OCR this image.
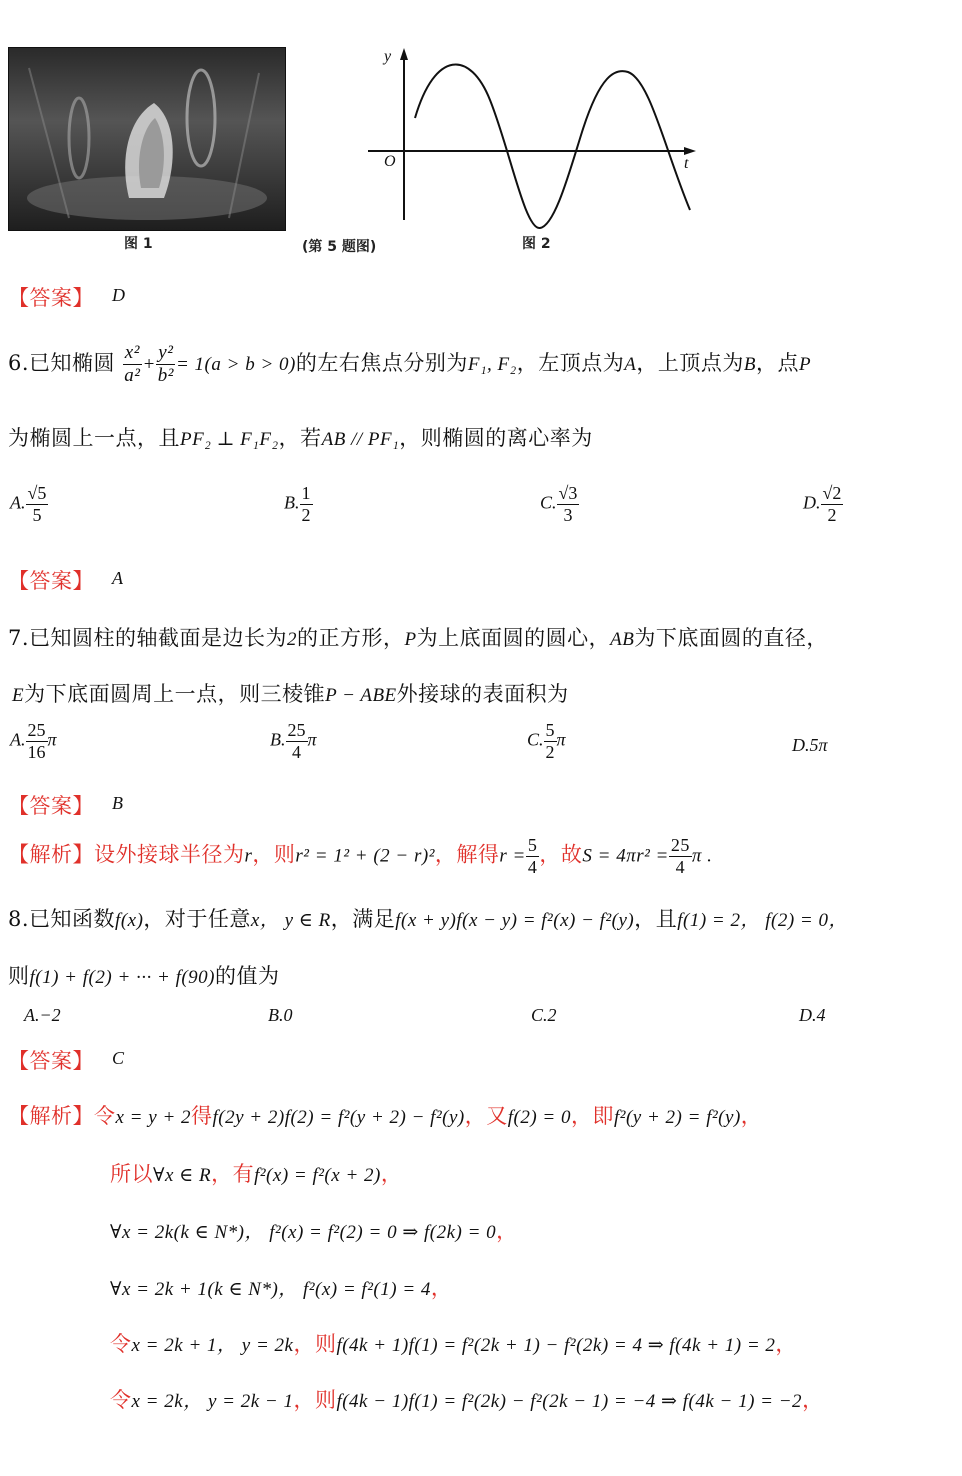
图 1
y
t
O
(第 5 题图)	图 2
【答案】 D
6.已知椭圆 $\frac{\text{x²}}{\text{a²}} + \frac{\text{y²}}{\text{b²}} = 1(a > b > 0)$的左右焦点分别为F₁, F₂，左顶点为A，上顶点为B，点P
为椭圆上一点，且PF₂ ⊥ F₁F₂，若AB // PF₁，则椭圆的离心率为
A. $\frac{√5}{5}$	B. $\frac{1}{2}$	C. $\frac{√3}{3}$	D. $\frac{√2}{2}$
【答案】 A
7.已知圆柱的轴截面是边长为2的正方形，P为上底面圆的圆心，AB为下底面圆的直径，
E为下底面圆周上一点，则三棱锥P − ABE外接球的表面积为
A. $\frac{25}{16}$ π	B. $\frac{25}{4}$ π	C. $\frac{5}{2}$ π	D.5π
【答案】 B
【解析】设外接球半径为r，则r² = 1² + (2 − r)²，解得$r = \frac{5}{4}$ ，故$S = 4\pi r^2 = \frac{25}{4}$ π .
8.已知函数f(x)，对于任意x， y ∈ R，满足f(x + y)f(x − y) = f²(x) − f²(y)，且f(1) = 2， f(2) = 0，
则f(1) + f(2) + ··· + f(90)的值为
A.−2	B.0	C.2	D.4
【答案】 C
【解析】令x = y + 2得f(2y + 2)f(2) = f²(y + 2) − f²(y)，又f(2) = 0，即f²(y + 2) = f²(y)，
所以∀x ∈ R，有f²(x) = f²(x + 2)，
∀x = 2k(k ∈ N*)， f²(x) = f²(2) = 0 ⇒ f(2k) = 0，
∀x = 2k + 1(k ∈ N*)， f²(x) = f²(1) = 4，
令x = 2k + 1， y = 2k，则f(4k + 1)f(1) = f²(2k + 1) − f²(2k) = 4 ⇒ f(4k + 1) = 2，
令x = 2k， y = 2k − 1，则f(4k − 1)f(1) = f²(2k) − f²(2k − 1) = −4 ⇒ f(4k − 1) = −2，
